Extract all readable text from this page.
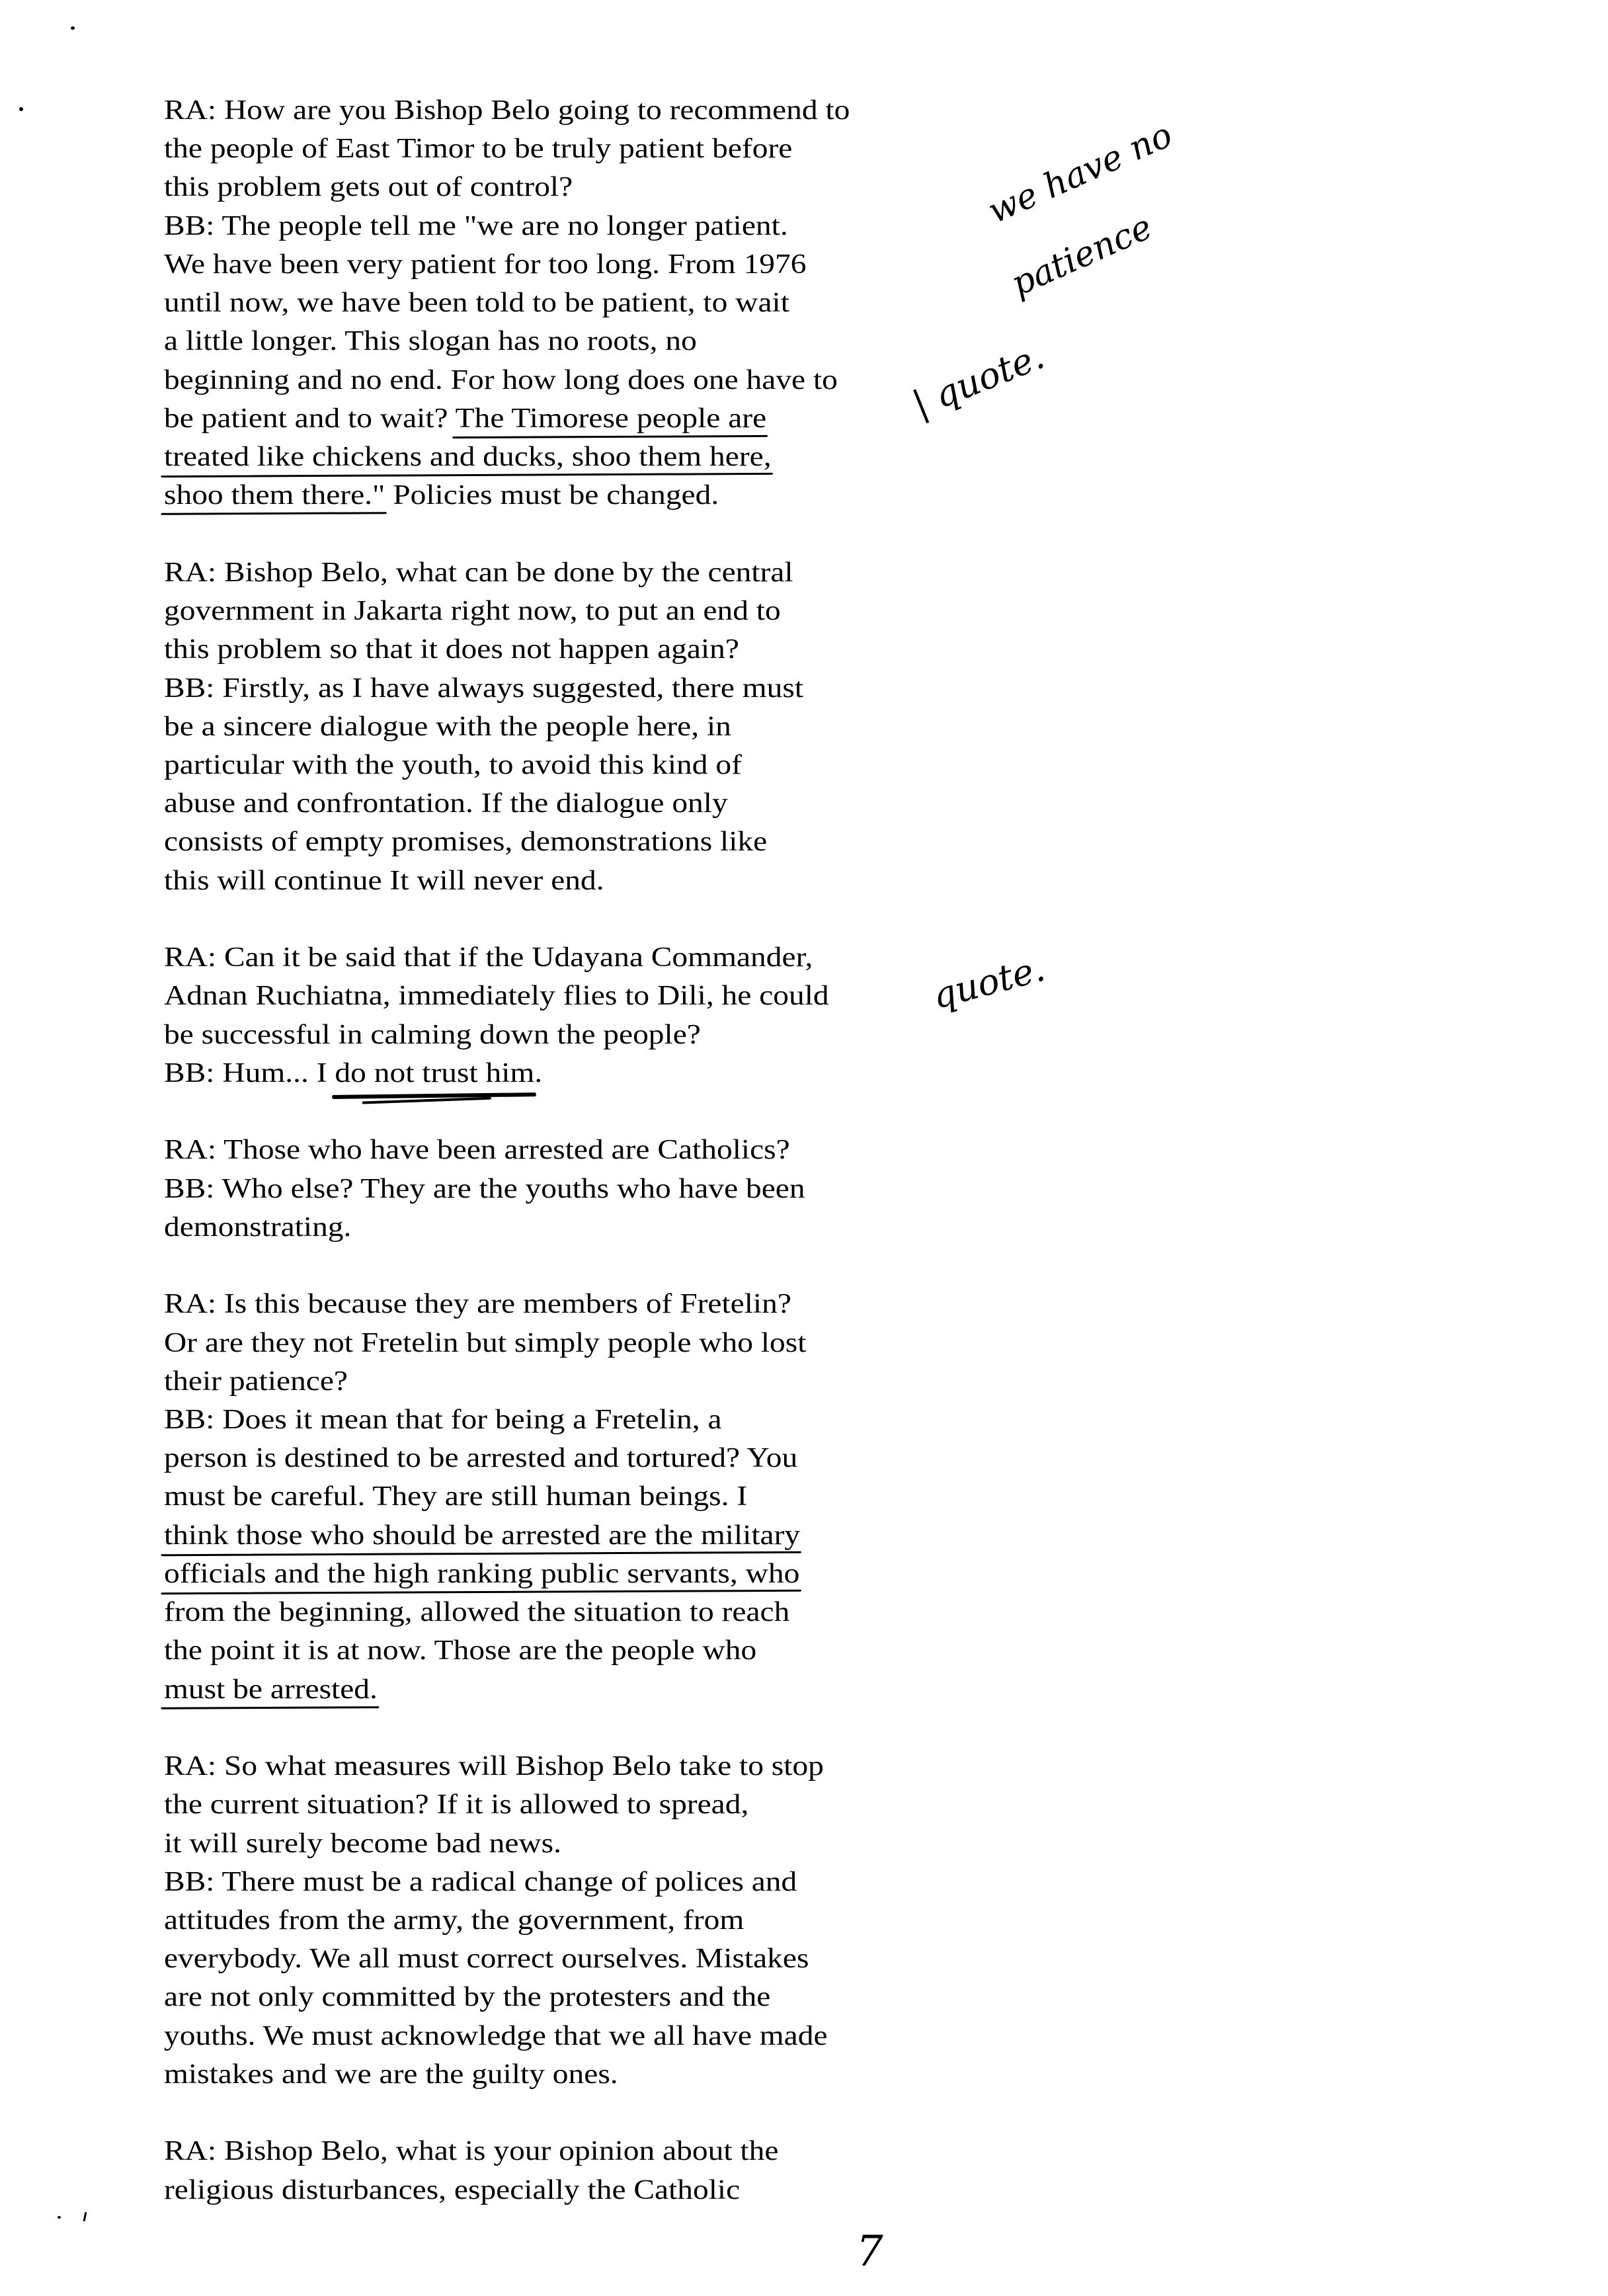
RA: How are you Bishop Belo going to recommend to
the people of East Timor to be truly patient before
this problem gets out of control?
BB: The people tell me "we are no longer patient.
We have been very patient for too long. From 1976
until now, we have been told to be patient, to wait
a little longer. This slogan has no roots, no
beginning and no end. For how long does one have to
be patient and to wait? The Timorese people are
treated like chickens and ducks, shoo them here,
shoo them there."
Policies must be changed.
RA: Bishop Belo, what can be done by the central
government in Jakarta right now, to put an end to
this problem so that it does not happen again?
BB: Firstly, as I have always suggested, there must
be a sincere dialogue with the people here, in
particular with the youth, to avoid this kind of
abuse and confrontation. If the dialogue only
consists of empty promises, demonstrations like
this will continue It will never end.
RA: Can it be said that if the Udayana Commander,
Adnan Ruchiatna, immediately flies to Dili, he could
be successful in calming down the people?
BB: Hum... I do not trust him
.
RA: Those who have been arrested are Catholics?
BB: Who else? They are the youths who have been
demonstrating.
RA: Is this because they are members of Fretelin?
Or are they not Fretelin but simply people who lost
their patience?
BB: Does it mean that for being a Fretelin, a
person is destined to be arrested and tortured? You
must be careful. They are still human beings. I
think those who should be arrested are the military
officials and the high ranking public servants, who
from the beginning, allowed the situation to reach
the point it is at now. Those are the people who
must be arrested.
RA: So what measures will Bishop Belo take to stop
the current situation? If it is allowed to spread,
it will surely become bad news.
BB: There must be a radical change of polices and
attitudes from the army, the government, from
everybody. We all must correct ourselves. Mistakes
are not only committed by the protesters and the
youths. We must acknowledge that we all have made
mistakes and we are the guilty ones.
RA: Bishop Belo, what is your opinion about the
religious disturbances, especially the Catholic
we have no
patience
| quote.
quote.
7
